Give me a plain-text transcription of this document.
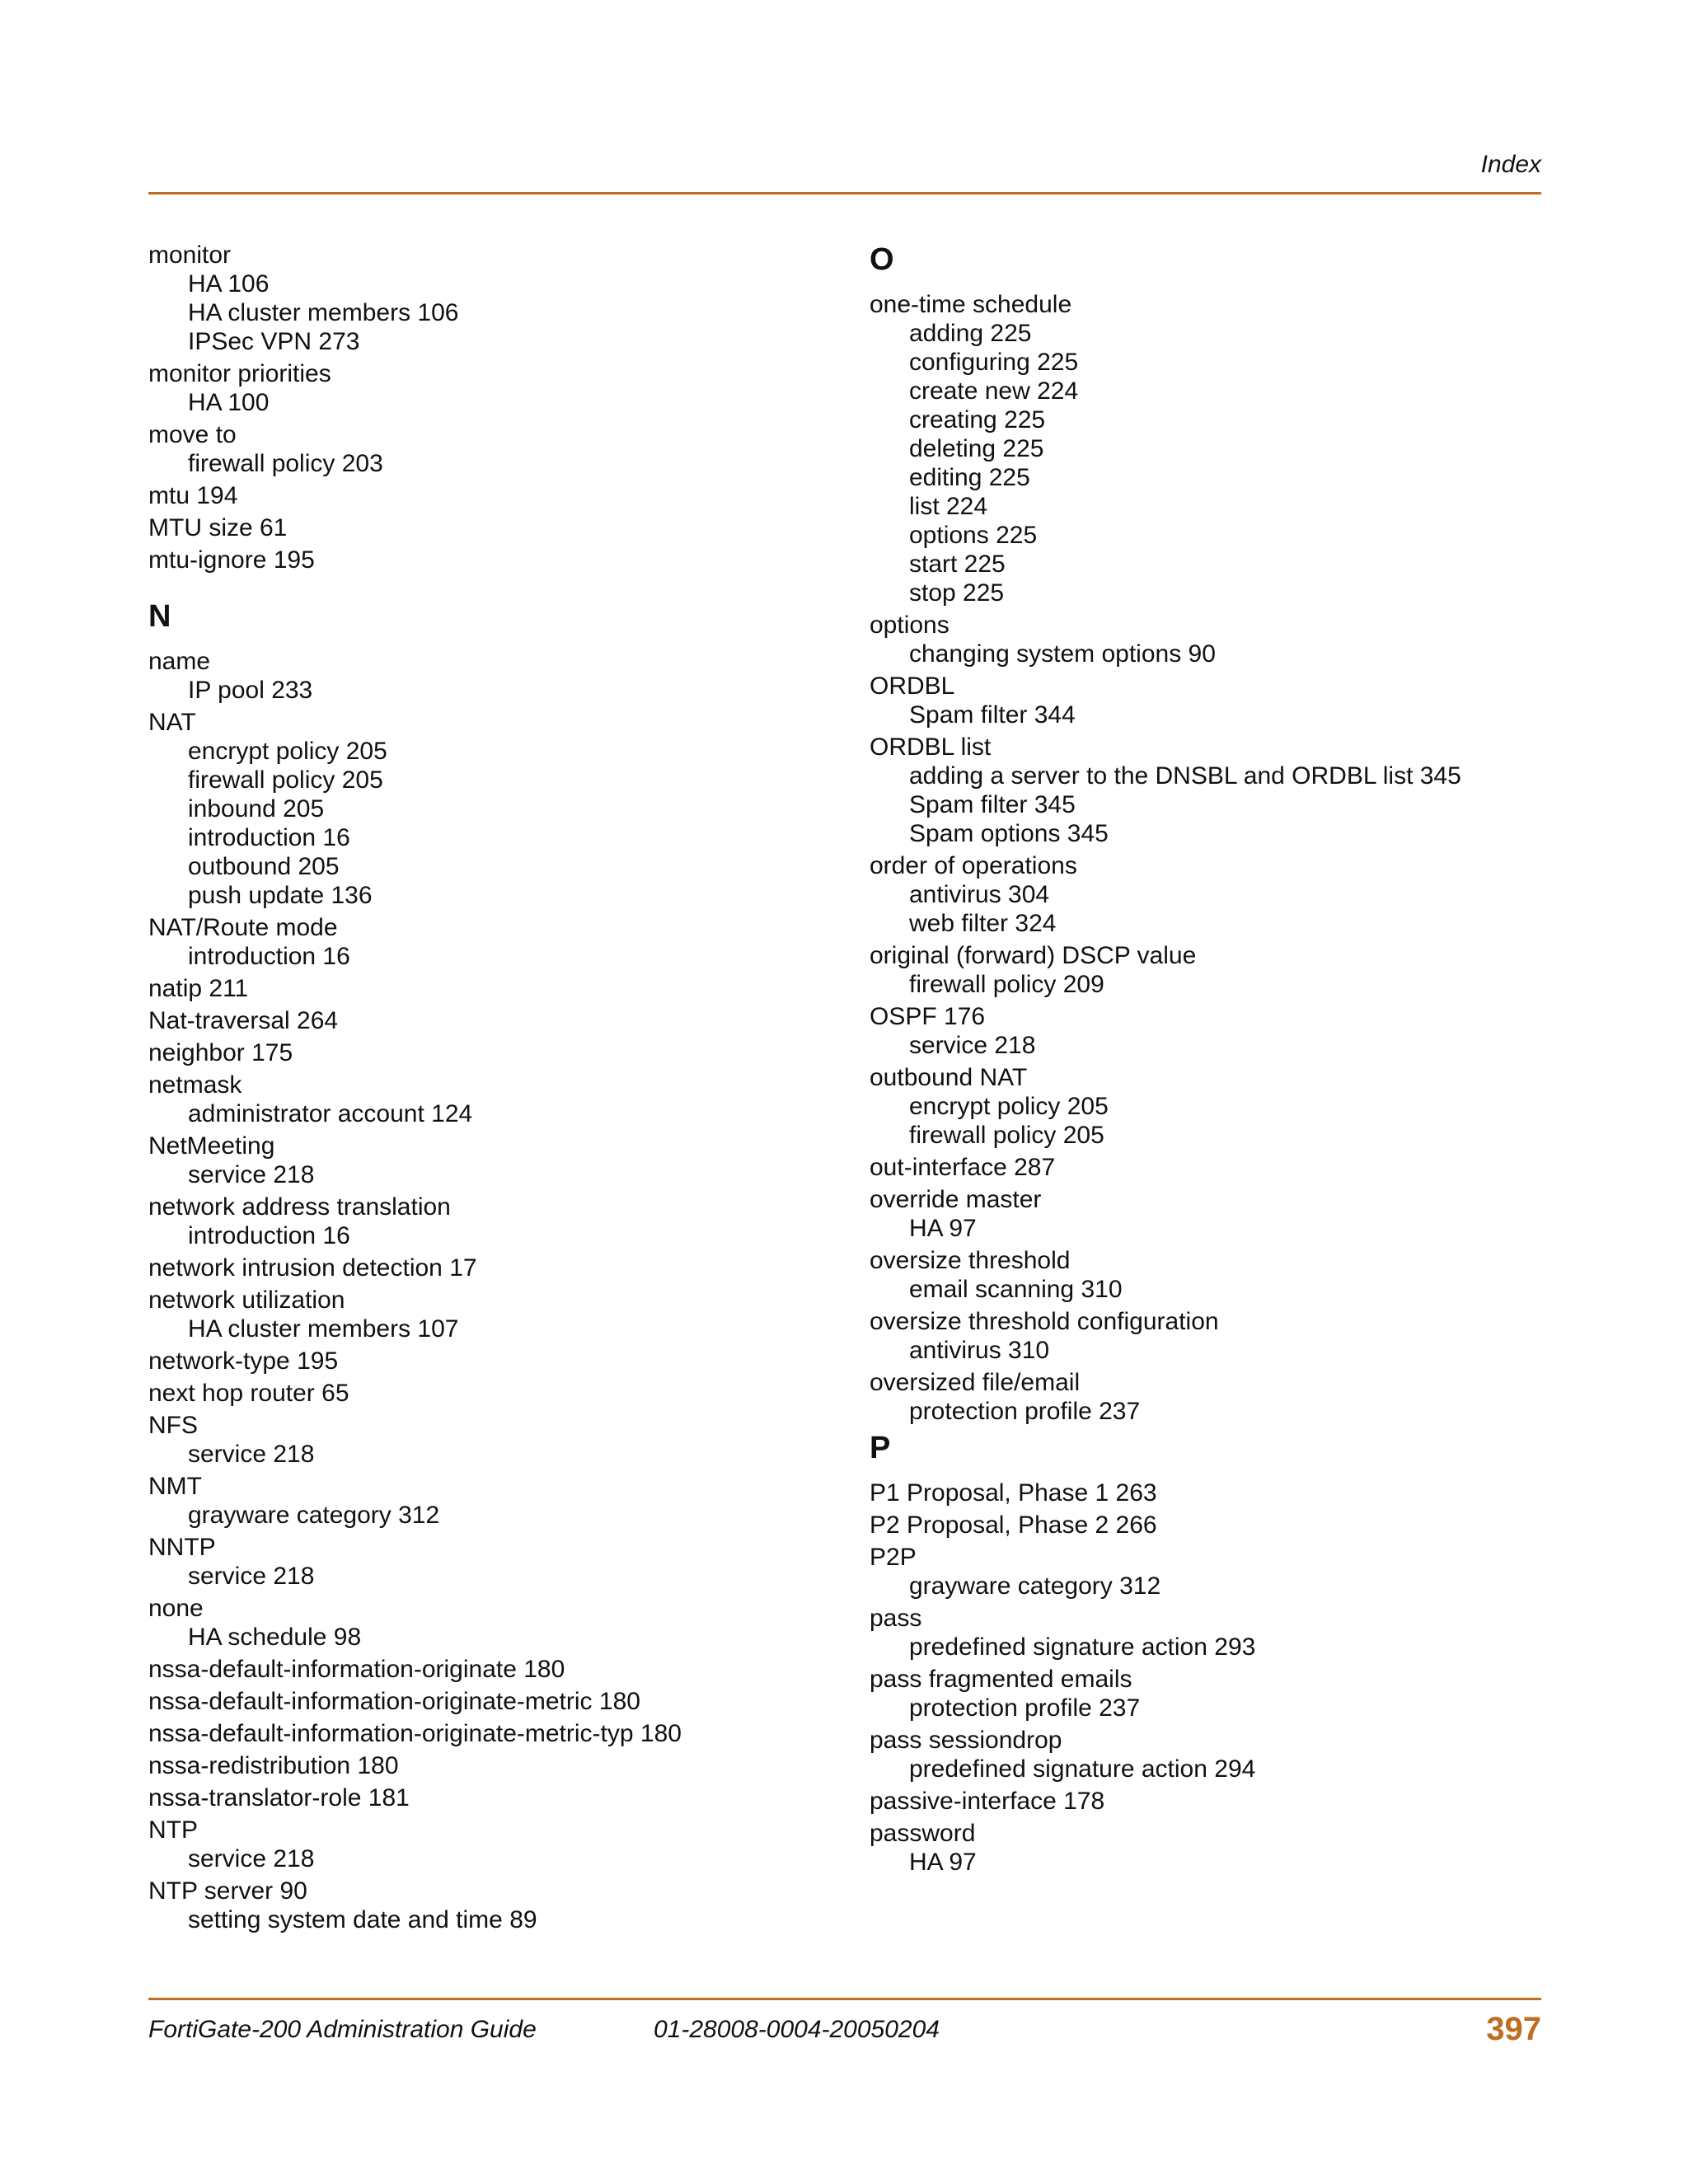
Index
monitor
HA 106
HA cluster members 106
IPSec VPN 273
monitor priorities
HA 100
move to
firewall policy 203
mtu 194
MTU size 61
mtu-ignore 195
N
name
IP pool 233
NAT
encrypt policy 205
firewall policy 205
inbound 205
introduction 16
outbound 205
push update 136
NAT/Route mode
introduction 16
natip 211
Nat-traversal 264
neighbor 175
netmask
administrator account 124
NetMeeting
service 218
network address translation
introduction 16
network intrusion detection 17
network utilization
HA cluster members 107
network-type 195
next hop router 65
NFS
service 218
NMT
grayware category 312
NNTP
service 218
none
HA schedule 98
nssa-default-information-originate 180
nssa-default-information-originate-metric 180
nssa-default-information-originate-metric-typ 180
nssa-redistribution 180
nssa-translator-role 181
NTP
service 218
NTP server 90
setting system date and time 89
O
one-time schedule
adding 225
configuring 225
create new 224
creating 225
deleting 225
editing 225
list 224
options 225
start 225
stop 225
options
changing system options 90
ORDBL
Spam filter 344
ORDBL list
adding a server to the DNSBL and ORDBL list 345
Spam filter 345
Spam options 345
order of operations
antivirus 304
web filter 324
original (forward) DSCP value
firewall policy 209
OSPF 176
service 218
outbound NAT
encrypt policy 205
firewall policy 205
out-interface 287
override master
HA 97
oversize threshold
email scanning 310
oversize threshold configuration
antivirus 310
oversized file/email
protection profile 237
P
P1 Proposal, Phase 1 263
P2 Proposal, Phase 2 266
P2P
grayware category 312
pass
predefined signature action 293
pass fragmented emails
protection profile 237
pass sessiondrop
predefined signature action 294
passive-interface 178
password
HA 97
FortiGate-200 Administration Guide	01-28008-0004-20050204	397
